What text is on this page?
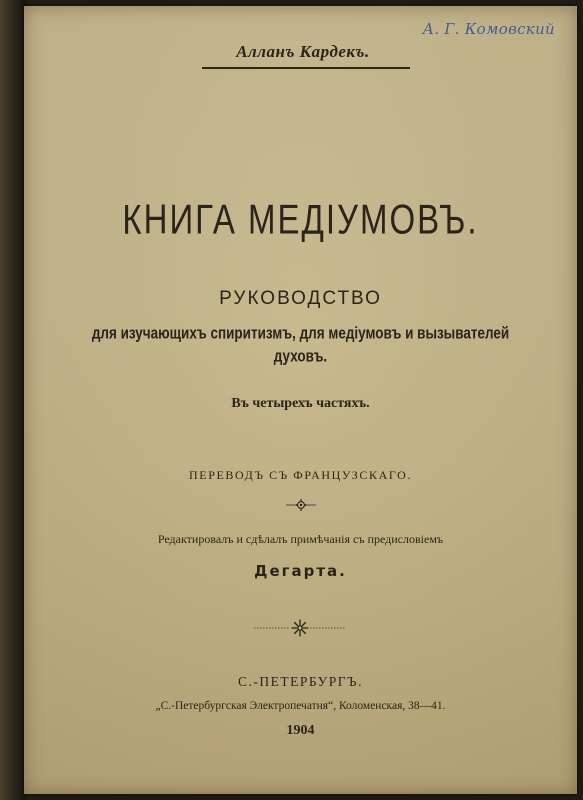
А. Г. Комовский
Алланъ Кардекъ.
КНИГА МЕДІУМОВЪ.
РУКОВОДСТВО
для изучающихъ спиритизмъ, для медіумовъ и вызывателей
духовъ.
Въ четырехъ частяхъ.
ПЕРЕВОДЪ СЪ ФРАНЦУЗСКАГО.
Редактировалъ и сдѣлалъ примѣчанія съ предисловіемъ
Дегарта.
С.-ПЕТЕРБУРГЪ.
„С.-Петербургская Электропечатня“, Коломенская, 38—41.
1904
